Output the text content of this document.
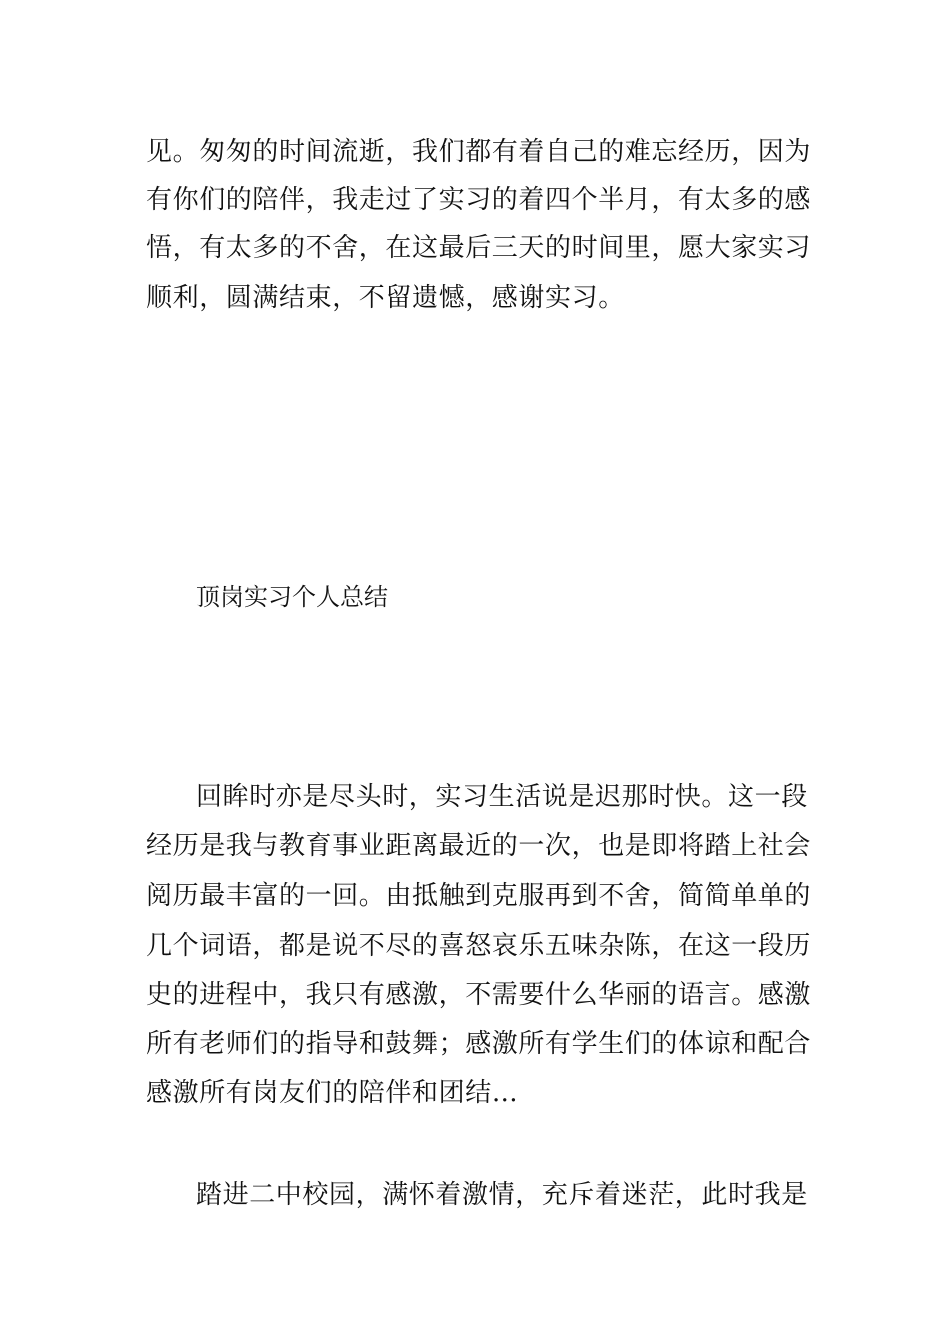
见。匆匆的时间流逝，我们都有着自己的难忘经历，因为
有你们的陪伴，我走过了实习的着四个半月，有太多的感
悟，有太多的不舍，在这最后三天的时间里，愿大家实习
顺利，圆满结束，不留遗憾，感谢实习。
顶岗实习个人总结
回眸时亦是尽头时，实习生活说是迟那时快。这一段
经历是我与教育事业距离最近的一次，也是即将踏上社会
阅历最丰富的一回。由抵触到克服再到不舍，简简单单的
几个词语，都是说不尽的喜怒哀乐五味杂陈，在这一段历
史的进程中，我只有感激，不需要什么华丽的语言。感激
所有老师们的指导和鼓舞；感激所有学生们的体谅和配合
感激所有岗友们的陪伴和团结…
踏进二中校园，满怀着激情，充斥着迷茫，此时我是
